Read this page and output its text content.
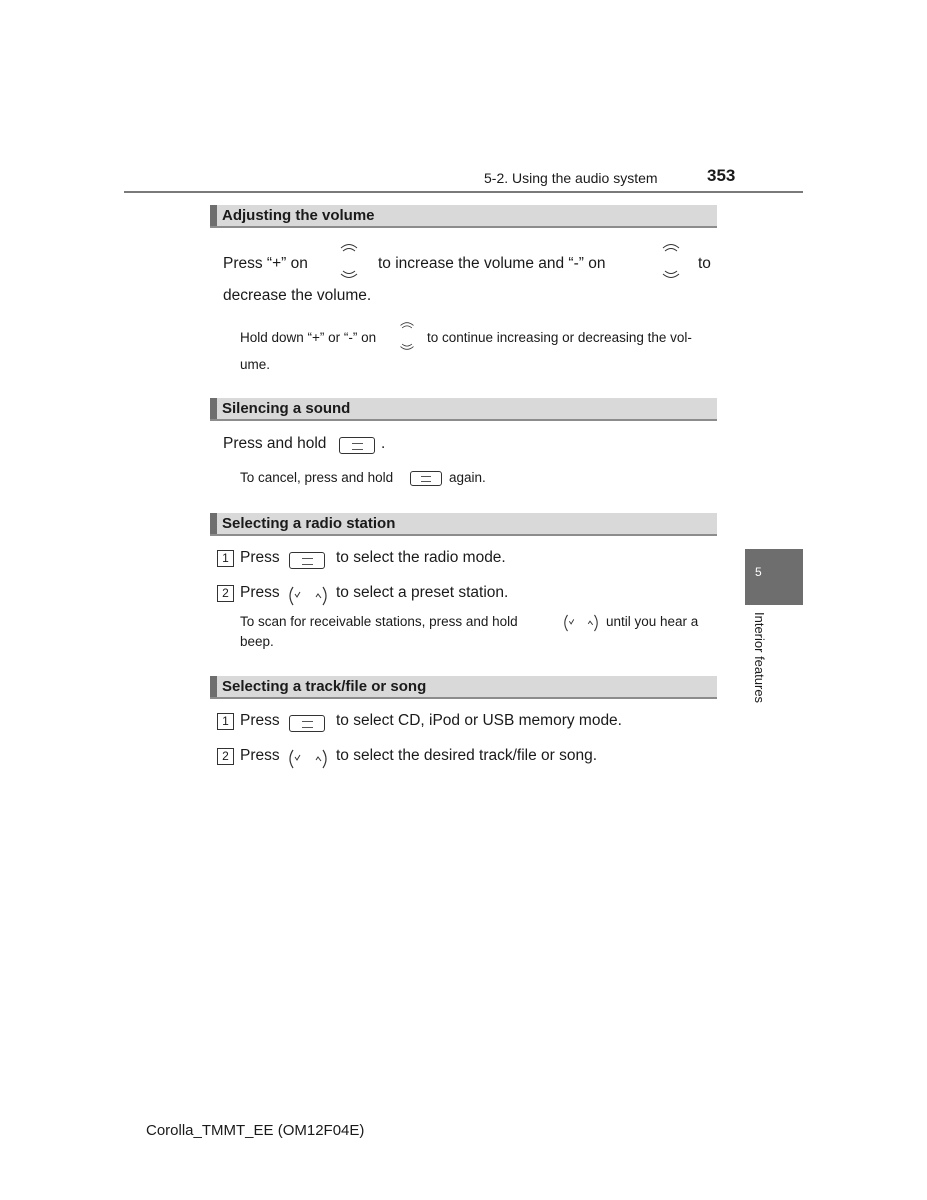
5-2. Using the audio system	353
Adjusting the volume
Press “+” on	to increase the volume and “-” on	to
decrease the volume.
Hold down “+” or “-” on	to continue increasing or decreasing the vol-
ume.
Silencing a sound
Press and hold	.
To cancel, press and hold	again.
Selecting a radio station
1 Press	to select the radio mode.
2 Press	to select a preset station.
To scan for receivable stations, press and hold	until you hear a
beep.
Selecting a track/file or song
1 Press	to select CD, iPod or USB memory mode.
2 Press	to select the desired track/file or song.
5
Interior features
Corolla_TMMT_EE (OM12F04E)
